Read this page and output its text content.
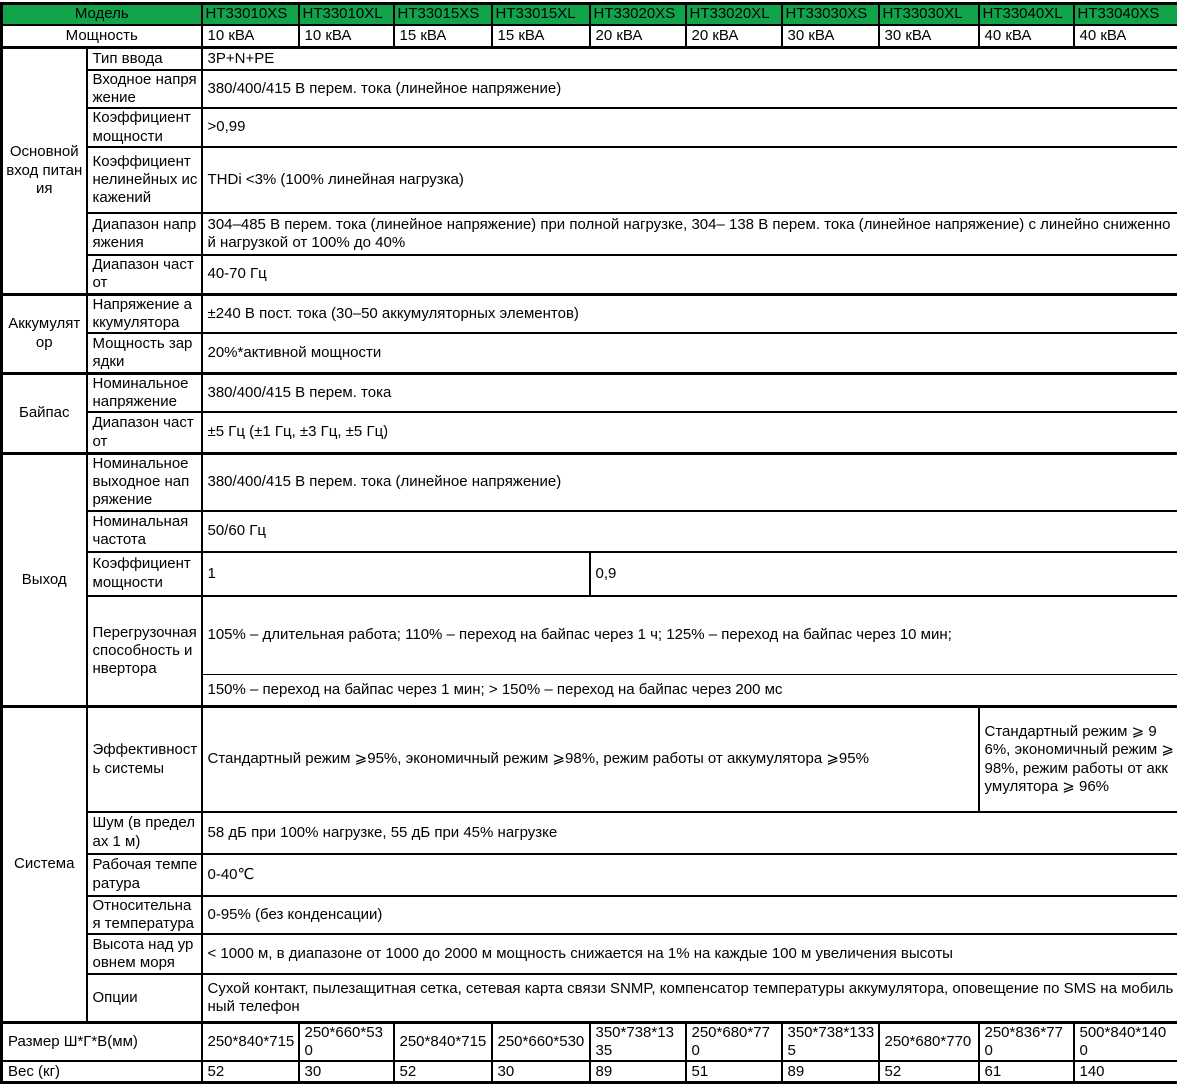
Модель		HT33010XS	HT33010XL	HT33015XS	HT33015XL	HT33020XS	HT33020XL	HT33030XS	HT33030XL	HT33040XL	HT33040XS
Мощность		10 кВА	10 кВА	15 кВА	15 кВА	20 кВА	20 кВА	30 кВА	30 кВА	40 кВА	40 кВА
Основной вход питания	Тип ввода	3P+N+PE									
	Входное напряжение	380/400/415 В перем. тока (линейное напряжение)									
	Коэффициент мощности	>0,99									
	Коэффициент нелинейных искажений	THDi <3% (100% линейная нагрузка)									
	Диапазон напряжения	304–485 В перем. тока (линейное напряжение) при полной нагрузке, 304– 138 В перем. тока (линейное напряжение) с линейно сниженной нагрузкой от 100% до 40%									
	Диапазон частот	40-70 Гц									
Аккумулятор	Напряжение аккумулятора	±240 В пост. тока (30–50 аккумуляторных элементов)									
	Мощность зарядки	20%*активной мощности									
Байпас	Номинальное напряжение	380/400/415 В перем. тока									
	Диапазон частот	±5 Гц (±1 Гц, ±3 Гц, ±5 Гц)									
Выход	Номинальное выходное напряжение	380/400/415 В перем. тока (линейное напряжение)									
	Номинальная частота	50/60 Гц									
	Коэффициент мощности	1				0,9					
	Перегрузочная способность инвертора	105% – длительная работа; 110% – переход на байпас через 1 ч; 125% – переход на байпас через 10 мин;									
		150% – переход на байпас через 1 мин; > 150% – переход на байпас через 200 мс									
Система	Эффективность системы	Стандартный режим ⩾95%, экономичный режим ⩾98%, режим работы от аккумулятора ⩾95%								Стандартный режим ⩾ 96%, экономичный режим ⩾ 98%, режим работы от аккумулятора ⩾ 96%	
	Шум (в пределах 1 м)	58 дБ при 100% нагрузке, 55 дБ при 45% нагрузке									
	Рабочая температура	0-40℃									
	Относительная температура	0-95% (без конденсации)									
	Высота над уровнем моря	< 1000 м, в диапазоне от 1000 до 2000 м мощность снижается на 1% на каждые 100 м увеличения высоты									
	Опции	Сухой контакт, пылезащитная сетка, сетевая карта связи SNMP, компенсатор температуры аккумулятора, оповещение по SMS на мобильный телефон									
Размер Ш*Г*В(мм)		250*840*715	250*660*530	250*840*715	250*660*530	350*738*1335	250*680*770	350*738*1335	250*680*770	250*836*770	500*840*1400
Вес (кг)		52	30	52	30	89	51	89	52	61	140
